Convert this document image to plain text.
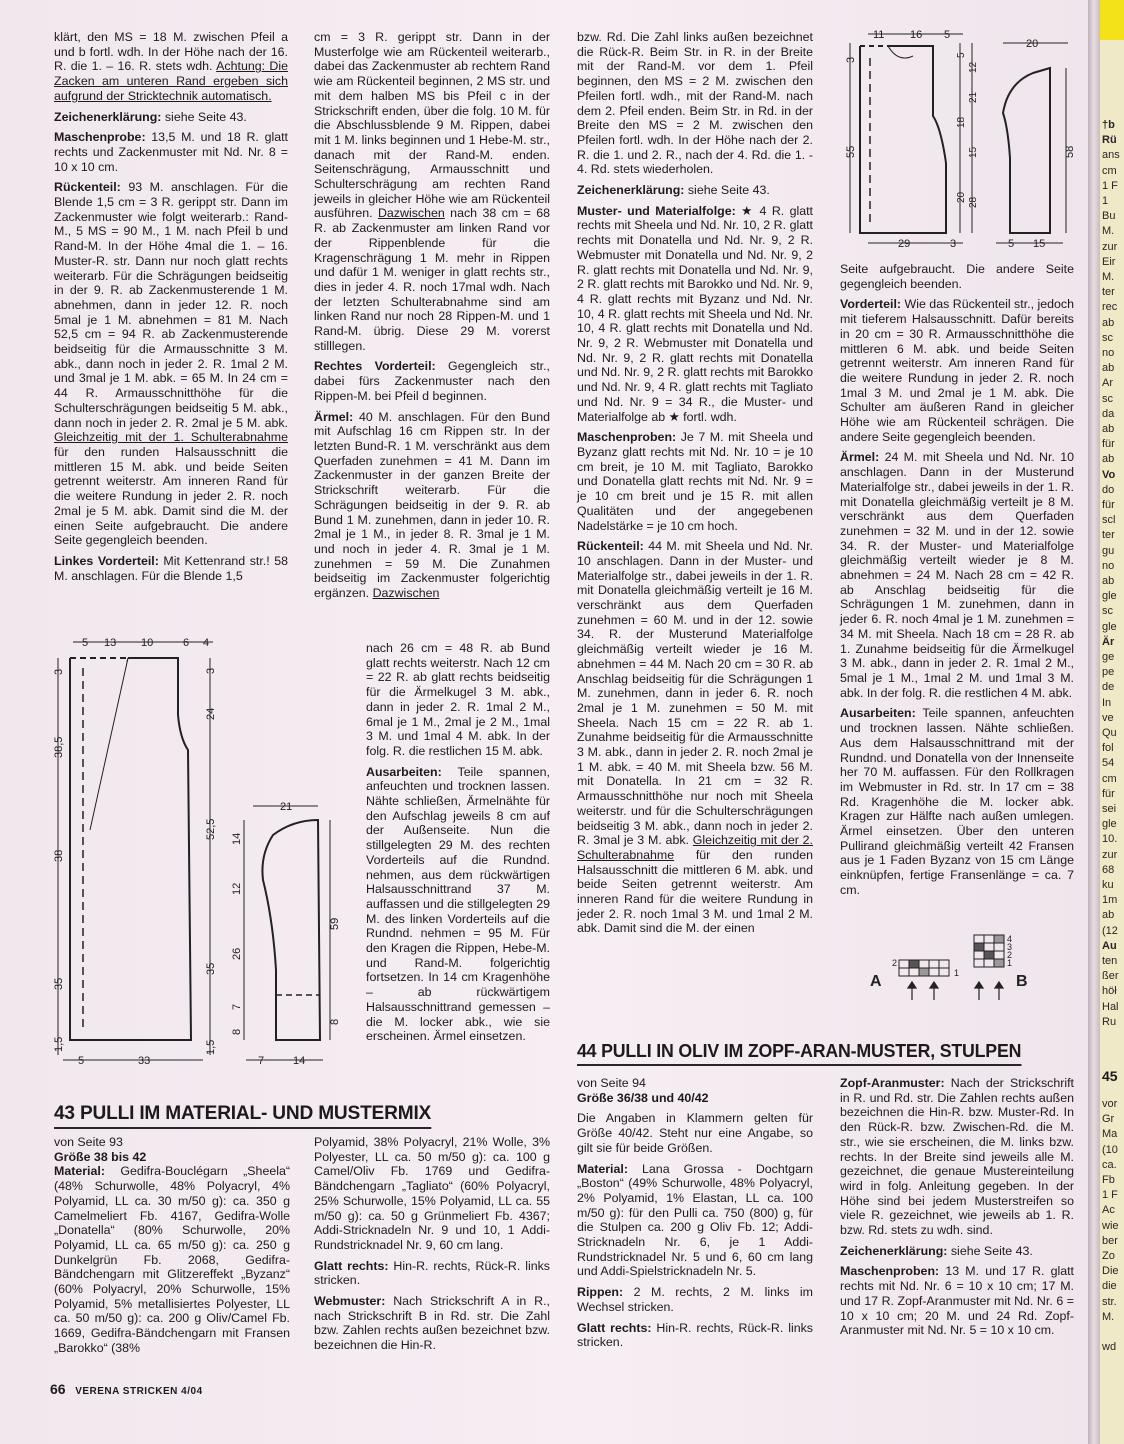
klärt, den MS = 18 M. zwischen Pfeil a und b fortl. wdh. In der Höhe nach der 16. R. die 1. – 16. R. stets wdh. Achtung: Die Zacken am unteren Rand ergeben sich aufgrund der Stricktechnik automatisch.

Zeichenerklärung: siehe Seite 43.

Maschenprobe: 13,5 M. und 18 R. glatt rechts und Zackenmuster mit Nd. Nr. 8 = 10 x 10 cm.

Rückenteil: 93 M. anschlagen. Für die Blende 1,5 cm = 3 R. gerippt str. Dann im Zackenmuster wie folgt weiterarb.: Rand-M., 5 MS = 90 M., 1 M. nach Pfeil b und Rand-M. In der Höhe 4mal die 1. – 16. Muster-R. str. Dann nur noch glatt rechts weiterarb. Für die Schrägungen beidseitig in der 9. R. ab Zackenmusterende 1 M. abnehmen, dann in jeder 12. R. noch 5mal je 1 M. abnehmen = 81 M. Nach 52,5 cm = 94 R. ab Zackenmusterende beidseitig für die Armausschnitte 3 M. abk., dann noch in jeder 2. R. 1mal 2 M. und 3mal je 1 M. abk. = 65 M. In 24 cm = 44 R. Armausschnitthöhe für die Schulterschrägungen beidseitig 5 M. abk., dann noch in jeder 2. R. 2mal je 5 M. abk. Gleichzeitig mit der 1. Schulterabnahme für den runden Halsausschnitt die mittleren 15 M. abk. und beide Seiten getrennt weiterstr. Am inneren Rand für die weitere Rundung in jeder 2. R. noch 2mal je 5 M. abk. Damit sind die M. der einen Seite aufgebraucht. Die andere Seite gegengleich beenden.

Linkes Vorderteil: Mit Kettenrand str.! 58 M. anschlagen. Für die Blende 1,5

cm = 3 R. gerippt str. Dann in der Musterfolge wie am Rückenteil weiterarb., dabei das Zackenmuster ab rechtem Rand wie am Rückenteil beginnen, 2 MS str. und mit dem halben MS bis Pfeil c in der Strickschrift enden, über die folg. 10 M. für die Abschlussblende 9 M. Rippen, dabei mit 1 M. links beginnen und 1 Hebe-M. str., danach mit der Rand-M. enden. Seitenschrägung, Armausschnitt und Schulterschrägung am rechten Rand jeweils in gleicher Höhe wie am Rückenteil ausführen. Dazwischen nach 38 cm = 68 R. ab Zackenmuster am linken Rand vor der Rippenblende für die Kragenschrägung 1 M. mehr in Rippen und dafür 1 M. weniger in glatt rechts str., dies in jeder 4. R. noch 17mal wdh. Nach der letzten Schulterabnahme sind am linken Rand nur noch 28 Rippen-M. und 1 Rand-M. übrig. Diese 29 M. vorerst stilllegen.

Rechtes Vorderteil: Gegengleich str., dabei fürs Zackenmuster nach den Rippen-M. bei Pfeil d beginnen.

Ärmel: 40 M. anschlagen. Für den Bund mit Aufschlag 16 cm Rippen str. In der letzten Bund-R. 1 M. verschränkt aus dem Querfaden zunehmen = 41 M. Dann im Zackenmuster in der ganzen Breite der Strickschrift weiterarb. Für die Schrägungen beidseitig in der 9. R. ab Bund 1 M. zunehmen, dann in jeder 10. R. 2mal je 1 M., in jeder 8. R. 3mal je 1 M. und noch in jeder 4. R. 3mal je 1 M. zunehmen = 59 M. Die Zunahmen beidseitig im Zackenmuster folgerichtig ergänzen. Dazwischen

nach 26 cm = 48 R. ab Bund glatt rechts weiterstr. Nach 12 cm = 22 R. ab glatt rechts beidseitig für die Ärmelkugel 3 M. abk., dann in jeder 2. R. 1mal 2 M., 6mal je 1 M., 2mal je 2 M., 1mal 3 M. und 1mal 4 M. abk. In der folg. R. die restlichen 15 M. abk.

Ausarbeiten: Teile spannen, anfeuchten und trocknen lassen. Nähte schließen, Ärmelnähte für den Aufschlag jeweils 8 cm auf der Außenseite. Nun die stillgelegten 29 M. des rechten Vorderteils auf die Rundnd. nehmen, aus dem rückwärtigen Halsausschnittrand 37 M. auffassen und die stillgelegten 29 M. des linken Vorderteils auf die Rundnd. nehmen = 95 M. Für den Kragen die Rippen, Hebe-M. und Rand-M. folgerichtig fortsetzen. In 14 cm Kragenhöhe – ab rückwärtigem Halsausschnittrand gemessen – die M. locker abk., wie sie erscheinen. Ärmel einsetzen.

bzw. Rd. Die Zahl links außen bezeichnet die Rück-R. Beim Str. in R. in der Breite mit der Rand-M. vor dem 1. Pfeil beginnen, den MS = 2 M. zwischen den Pfeilen fortl. wdh., mit der Rand-M. nach dem 2. Pfeil enden. Beim Str. in Rd. in der Breite den MS = 2 M. zwischen den Pfeilen fortl. wdh. In der Höhe nach der 2. R. die 1. und 2. R., nach der 4. Rd. die 1. - 4. Rd. stets wiederholen.

Zeichenerklärung: siehe Seite 43.

Muster- und Materialfolge: ★ 4 R. glatt rechts mit Sheela und Nd. Nr. 10, 2 R. glatt rechts mit Donatella und Nd. Nr. 9, 2 R. Webmuster mit Donatella und Nd. Nr. 9, 2 R. glatt rechts mit Donatella und Nd. Nr. 9, 2 R. glatt rechts mit Barokko und Nd. Nr. 9, 4 R. glatt rechts mit Byzanz und Nd. Nr. 10, 4 R. glatt rechts mit Sheela und Nd. Nr. 10, 4 R. glatt rechts mit Donatella und Nd. Nr. 9, 2 R. Webmuster mit Donatella und Nd. Nr. 9, 2 R. glatt rechts mit Donatella und Nd. Nr. 9, 2 R. glatt rechts mit Barokko und Nd. Nr. 9, 4 R. glatt rechts mit Tagliato und Nd. Nr. 9 = 34 R., die Muster- und Materialfolge ab ★ fortl. wdh.

Maschenproben: Je 7 M. mit Sheela und Byzanz glatt rechts mit Nd. Nr. 10 = je 10 cm breit, je 10 M. mit Tagliato, Barokko und Donatella glatt rechts mit Nd. Nr. 9 = je 10 cm breit und je 15 R. mit allen Qualitäten und der angegebenen Nadelstärke = je 10 cm hoch.

Rückenteil: 44 M. mit Sheela und Nd. Nr. 10 anschlagen. Dann in der Muster- und Materialfolge str., dabei jeweils in der 1. R. mit Donatella gleichmäßig verteilt je 16 M. verschränkt aus dem Querfaden zunehmen = 60 M. und in der 12. sowie 34. R. der Musterund Materialfolge gleichmäßig verteilt wieder je 16 M. abnehmen = 44 M. Nach 20 cm = 30 R. ab Anschlag beidseitig für die Schrägungen 1 M. zunehmen, dann in jeder 6. R. noch 2mal je 1 M. zunehmen = 50 M. mit Sheela. Nach 15 cm = 22 R. ab 1. Zunahme beidseitig für die Armausschnitte 3 M. abk., dann in jeder 2. R. noch 2mal je 1 M. abk. = 40 M. mit Sheela bzw. 56 M. mit Donatella. In 21 cm = 32 R. Armausschnitthöhe nur noch mit Sheela weiterstr. und für die Schulterschrägungen beidseitig 3 M. abk., dann noch in jeder 2. R. 3mal je 3 M. abk. Gleichzeitig mit der 2. Schulterabnahme für den runden Halsausschnitt die mittleren 6 M. abk. und beide Seiten getrennt weiterstr. Am inneren Rand für die weitere Rundung in jeder 2. R. noch 1mal 3 M. und 1mal 2 M. abk. Damit sind die M. der einen

Seite aufgebraucht. Die andere Seite gegengleich beenden.

Vorderteil: Wie das Rückenteil str., jedoch mit tieferem Halsausschnitt. Dafür bereits in 20 cm = 30 R. Armausschnitthöhe die mittleren 6 M. abk. und beide Seiten getrennt weiterstr. Am inneren Rand für die weitere Rundung in jeder 2. R. noch 1mal 3 M. und 2mal je 1 M. abk. Die Schulter am äußeren Rand in gleicher Höhe wie am Rückenteil schrägen. Die andere Seite gegengleich beenden.

Ärmel: 24 M. mit Sheela und Nd. Nr. 10 anschlagen. Dann in der Musterund Materialfolge str., dabei jeweils in der 1. R. mit Donatella gleichmäßig verteilt je 8 M. verschränkt aus dem Querfaden zunehmen = 32 M. und in der 12. sowie 34. R. der Muster- und Materialfolge gleichmäßig verteilt wieder je 8 M. abnehmen = 24 M. Nach 28 cm = 42 R. ab Anschlag beidseitig für die Schrägungen 1 M. zunehmen, dann in jeder 6. R. noch 4mal je 1 M. zunehmen = 34 M. mit Sheela. Nach 18 cm = 28 R. ab 1. Zunahme beidseitig für die Ärmelkugel 3 M. abk., dann in jeder 2. R. 1mal 2 M., 5mal je 1 M., 1mal 2 M. und 1mal 3 M. abk. In der folg. R. die restlichen 4 M. abk.

Ausarbeiten: Teile spannen, anfeuchten und trocknen lassen. Nähte schließen. Aus dem Halsausschnittrand mit der Rundnd. und Donatella von der Innenseite her 70 M. auffassen. Für den Rollkragen im Webmuster in Rd. str. In 17 cm = 38 Rd. Kragenhöhe die M. locker abk. Kragen zur Hälfte nach außen umlegen. Ärmel einsetzen. Über den unteren Pullirand gleichmäßig verteilt 42 Fransen aus je 1 Faden Byzanz von 15 cm Länge einknüpfen, fertige Fransenlänge = ca. 7 cm.

5 13 10	6 4
3
38,5
38
35
1,5
3
24
52,5
35
1,5
5	33
21
14
12
26
7
8
59
8
7	14
11 16 5
20
3
55
5
18
20
12
21
15
28
58
29	3	5 15
A
2
1
4
3
2
1
B
43 PULLI IM MATERIAL- UND MUSTERMIX

von Seite 93

Größe 38 bis 42

Material: Gedifra-Bouclégarn „Sheela“ (48% Schurwolle, 48% Polyacryl, 4% Polyamid, LL ca. 30 m/50 g): ca. 350 g Camelmeliert Fb. 4167, Gedifra-Wolle „Donatella“ (80% Schurwolle, 20% Polyamid, LL ca. 65 m/50 g): ca. 250 g Dunkelgrün Fb. 2068, Gedifra-Bändchengarn mit Glitzereffekt „Byzanz“ (60% Polyacryl, 20% Schurwolle, 15% Polyamid, 5% metallisiertes Polyester, LL ca. 50 m/50 g): ca. 200 g Oliv/Camel Fb. 1669, Gedifra-Bändchengarn mit Fransen „Barokko“ (38%

Polyamid, 38% Polyacryl, 21% Wolle, 3% Polyester, LL ca. 50 m/50 g): ca. 100 g Camel/Oliv Fb. 1769 und Gedifra-Bändchengarn „Tagliato“ (60% Polyacryl, 25% Schurwolle, 15% Polyamid, LL ca. 55 m/50 g): ca. 50 g Grünmeliert Fb. 4367; Addi-Stricknadeln Nr. 9 und 10, 1 Addi-Rundstricknadel Nr. 9, 60 cm lang.

Glatt rechts: Hin-R. rechts, Rück-R. links stricken.

Webmuster: Nach Strickschrift A in R., nach Strickschrift B in Rd. str. Die Zahl bzw. Zahlen rechts außen bezeichnet bzw. bezeichnen die Hin-R.

44 PULLI IN OLIV IM ZOPF-ARAN-MUSTER, STULPEN

von Seite 94

Größe 36/38 und 40/42

Die Angaben in Klammern gelten für Größe 40/42. Steht nur eine Angabe, so gilt sie für beide Größen.

Material: Lana Grossa - Dochtgarn „Boston“ (49% Schurwolle, 48% Polyacryl, 2% Polyamid, 1% Elastan, LL ca. 100 m/50 g): für den Pulli ca. 750 (800) g, für die Stulpen ca. 200 g Oliv Fb. 12; Addi-Stricknadeln Nr. 6, je 1 Addi-Rundstricknadel Nr. 5 und 6, 60 cm lang und Addi-Spielstricknadeln Nr. 5.

Rippen: 2 M. rechts, 2 M. links im Wechsel stricken.

Glatt rechts: Hin-R. rechts, Rück-R. links stricken.

Zopf-Aranmuster: Nach der Strickschrift in R. und Rd. str. Die Zahlen rechts außen bezeichnen die Hin-R. bzw. Muster-Rd. In den Rück-R. bzw. Zwischen-Rd. die M. str., wie sie erscheinen, die M. links bzw. rechts. In der Breite sind jeweils alle M. gezeichnet, die genaue Mustereinteilung wird in folg. Anleitung gegeben. In der Höhe sind bei jedem Musterstreifen so viele R. gezeichnet, wie jeweils ab 1. R. bzw. Rd. stets zu wdh. sind.

Zeichenerklärung: siehe Seite 43.

Maschenproben: 13 M. und 17 R. glatt rechts mit Nd. Nr. 6 = 10 x 10 cm; 17 M. und 17 R. Zopf-Aranmuster mit Nd. Nr. 6 = 10 x 10 cm; 20 M. und 24 Rd. Zopf-Aranmuster mit Nd. Nr. 5 = 10 x 10 cm.

66 VERENA STRICKEN 4/04
†b
Rü
ans
cm
1 F
1
Bu
M.
zur
Eir
M.
ter
rec
ab
sc
no
ab
Ar
sc
da
ab
für
ab
Vo
do
für
scl
ter
gu
no
ab
gle
sc
gle
Är
ge
pe
de
In
ve
Qu
fol
54
cm
für
sei
gle
10.
zur
68
ku
1m
ab
(12
Au
ten
ßer
höł
Hal
Ru
45
vor
Gr
Ma
(10
ca.
Fb
1 F
Ac
wie
ber
Zo
Die
die
str.
M.
wd
